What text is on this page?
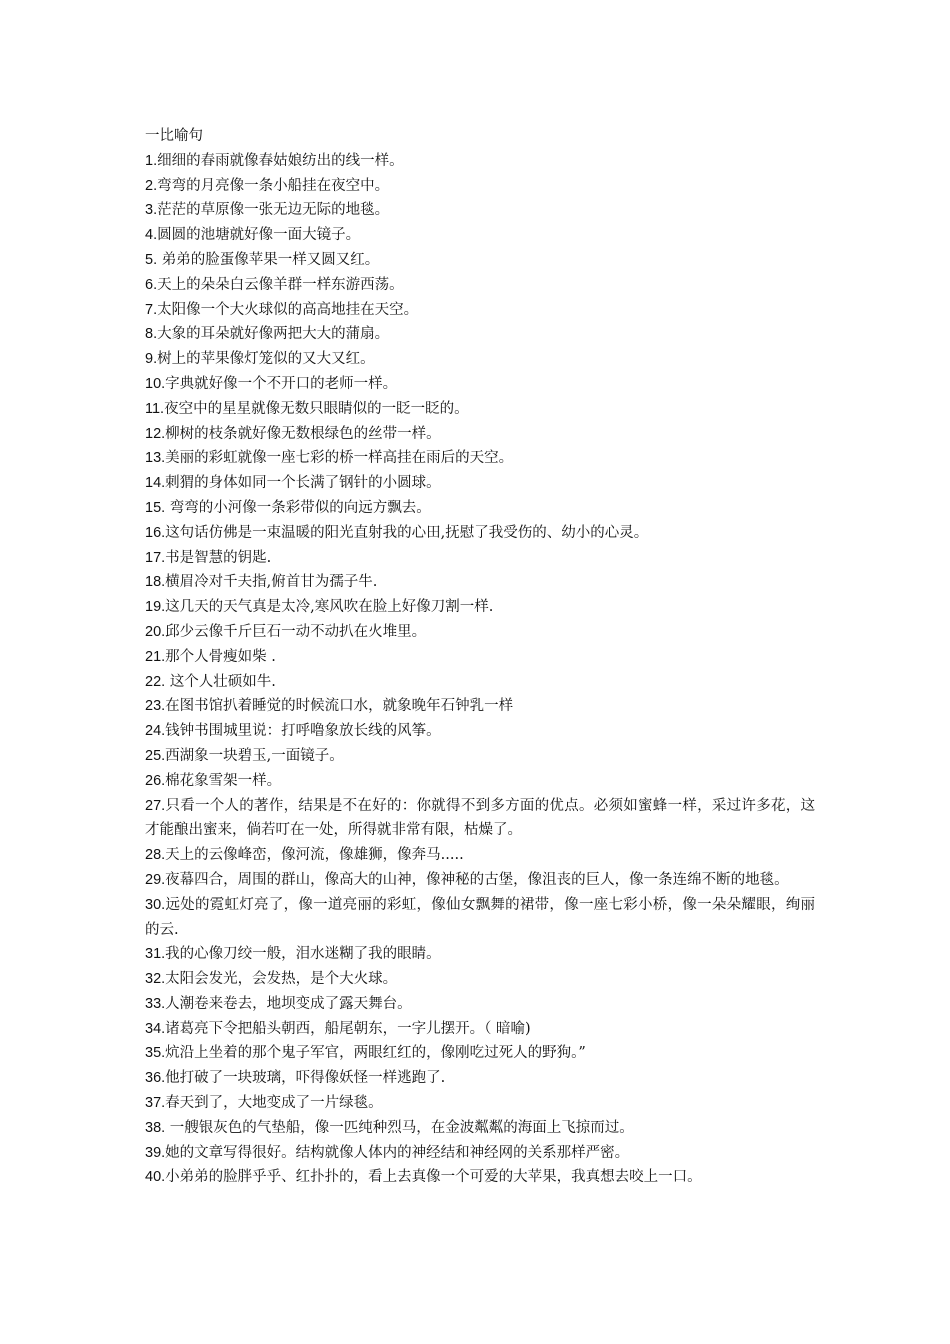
一比喻句
1.细细的春雨就像春姑娘纺出的线一样。
2.弯弯的月亮像一条小船挂在夜空中。
3.茫茫的草原像一张无边无际的地毯。
4.圆圆的池塘就好像一面大镜子。
5. 弟弟的脸蛋像苹果一样又圆又红。
6.天上的朵朵白云像羊群一样东游西荡。
7.太阳像一个大火球似的高高地挂在天空。
8.大象的耳朵就好像两把大大的蒲扇。
9.树上的苹果像灯笼似的又大又红。
10.字典就好像一个不开口的老师一样。
11.夜空中的星星就像无数只眼睛似的一眨一眨的。
12.柳树的枝条就好像无数根绿色的丝带一样。
13.美丽的彩虹就像一座七彩的桥一样高挂在雨后的天空。
14.刺猬的身体如同一个长满了钢针的小圆球。
15. 弯弯的小河像一条彩带似的向远方飘去。
16.这句话仿佛是一束温暖的阳光直射我的心田,抚慰了我受伤的、幼小的心灵。
17.书是智慧的钥匙.
18.横眉冷对千夫指,俯首甘为孺子牛.
19.这几天的天气真是太冷,寒风吹在脸上好像刀割一样.
20.邱少云像千斤巨石一动不动扒在火堆里。
21.那个人骨瘦如柴 .
22. 这个人壮硕如牛.
23.在图书馆扒着睡觉的时候流口水，就象晚年石钟乳一样
24.钱钟书围城里说：打呼噜象放长线的风筝。
25.西湖象一块碧玉,一面镜子。
26.棉花象雪架一样。
27.只看一个人的著作，结果是不在好的：你就得不到多方面的优点。必须如蜜蜂一样，采过许多花，这才能酿出蜜来，倘若叮在一处，所得就非常有限，枯燥了。
28.天上的云像峰峦，像河流，像雄狮，像奔马.....
29.夜幕四合，周围的群山，像高大的山神，像神秘的古堡，像沮丧的巨人，像一条连绵不断的地毯。
30.远处的霓虹灯亮了，像一道亮丽的彩虹，像仙女飘舞的裙带，像一座七彩小桥，像一朵朵耀眼，绚丽的云.
31.我的心像刀绞一般，泪水迷糊了我的眼睛。
32.太阳会发光，会发热，是个大火球。
33.人潮卷来卷去，地坝变成了露天舞台。
34.诸葛亮下令把船头朝西，船尾朝东，一字儿摆开。（ 暗喻)
35.炕沿上坐着的那个鬼子军官，两眼红红的，像刚吃过死人的野狗。”
36.他打破了一块玻璃，吓得像妖怪一样逃跑了.
37.春天到了，大地变成了一片绿毯。
38. 一艘银灰色的气垫船，像一匹纯种烈马，在金波粼粼的海面上飞掠而过。
39.她的文章写得很好。结构就像人体内的神经结和神经网的关系那样严密。
40.小弟弟的脸胖乎乎、红扑扑的，看上去真像一个可爱的大苹果，我真想去咬上一口。
